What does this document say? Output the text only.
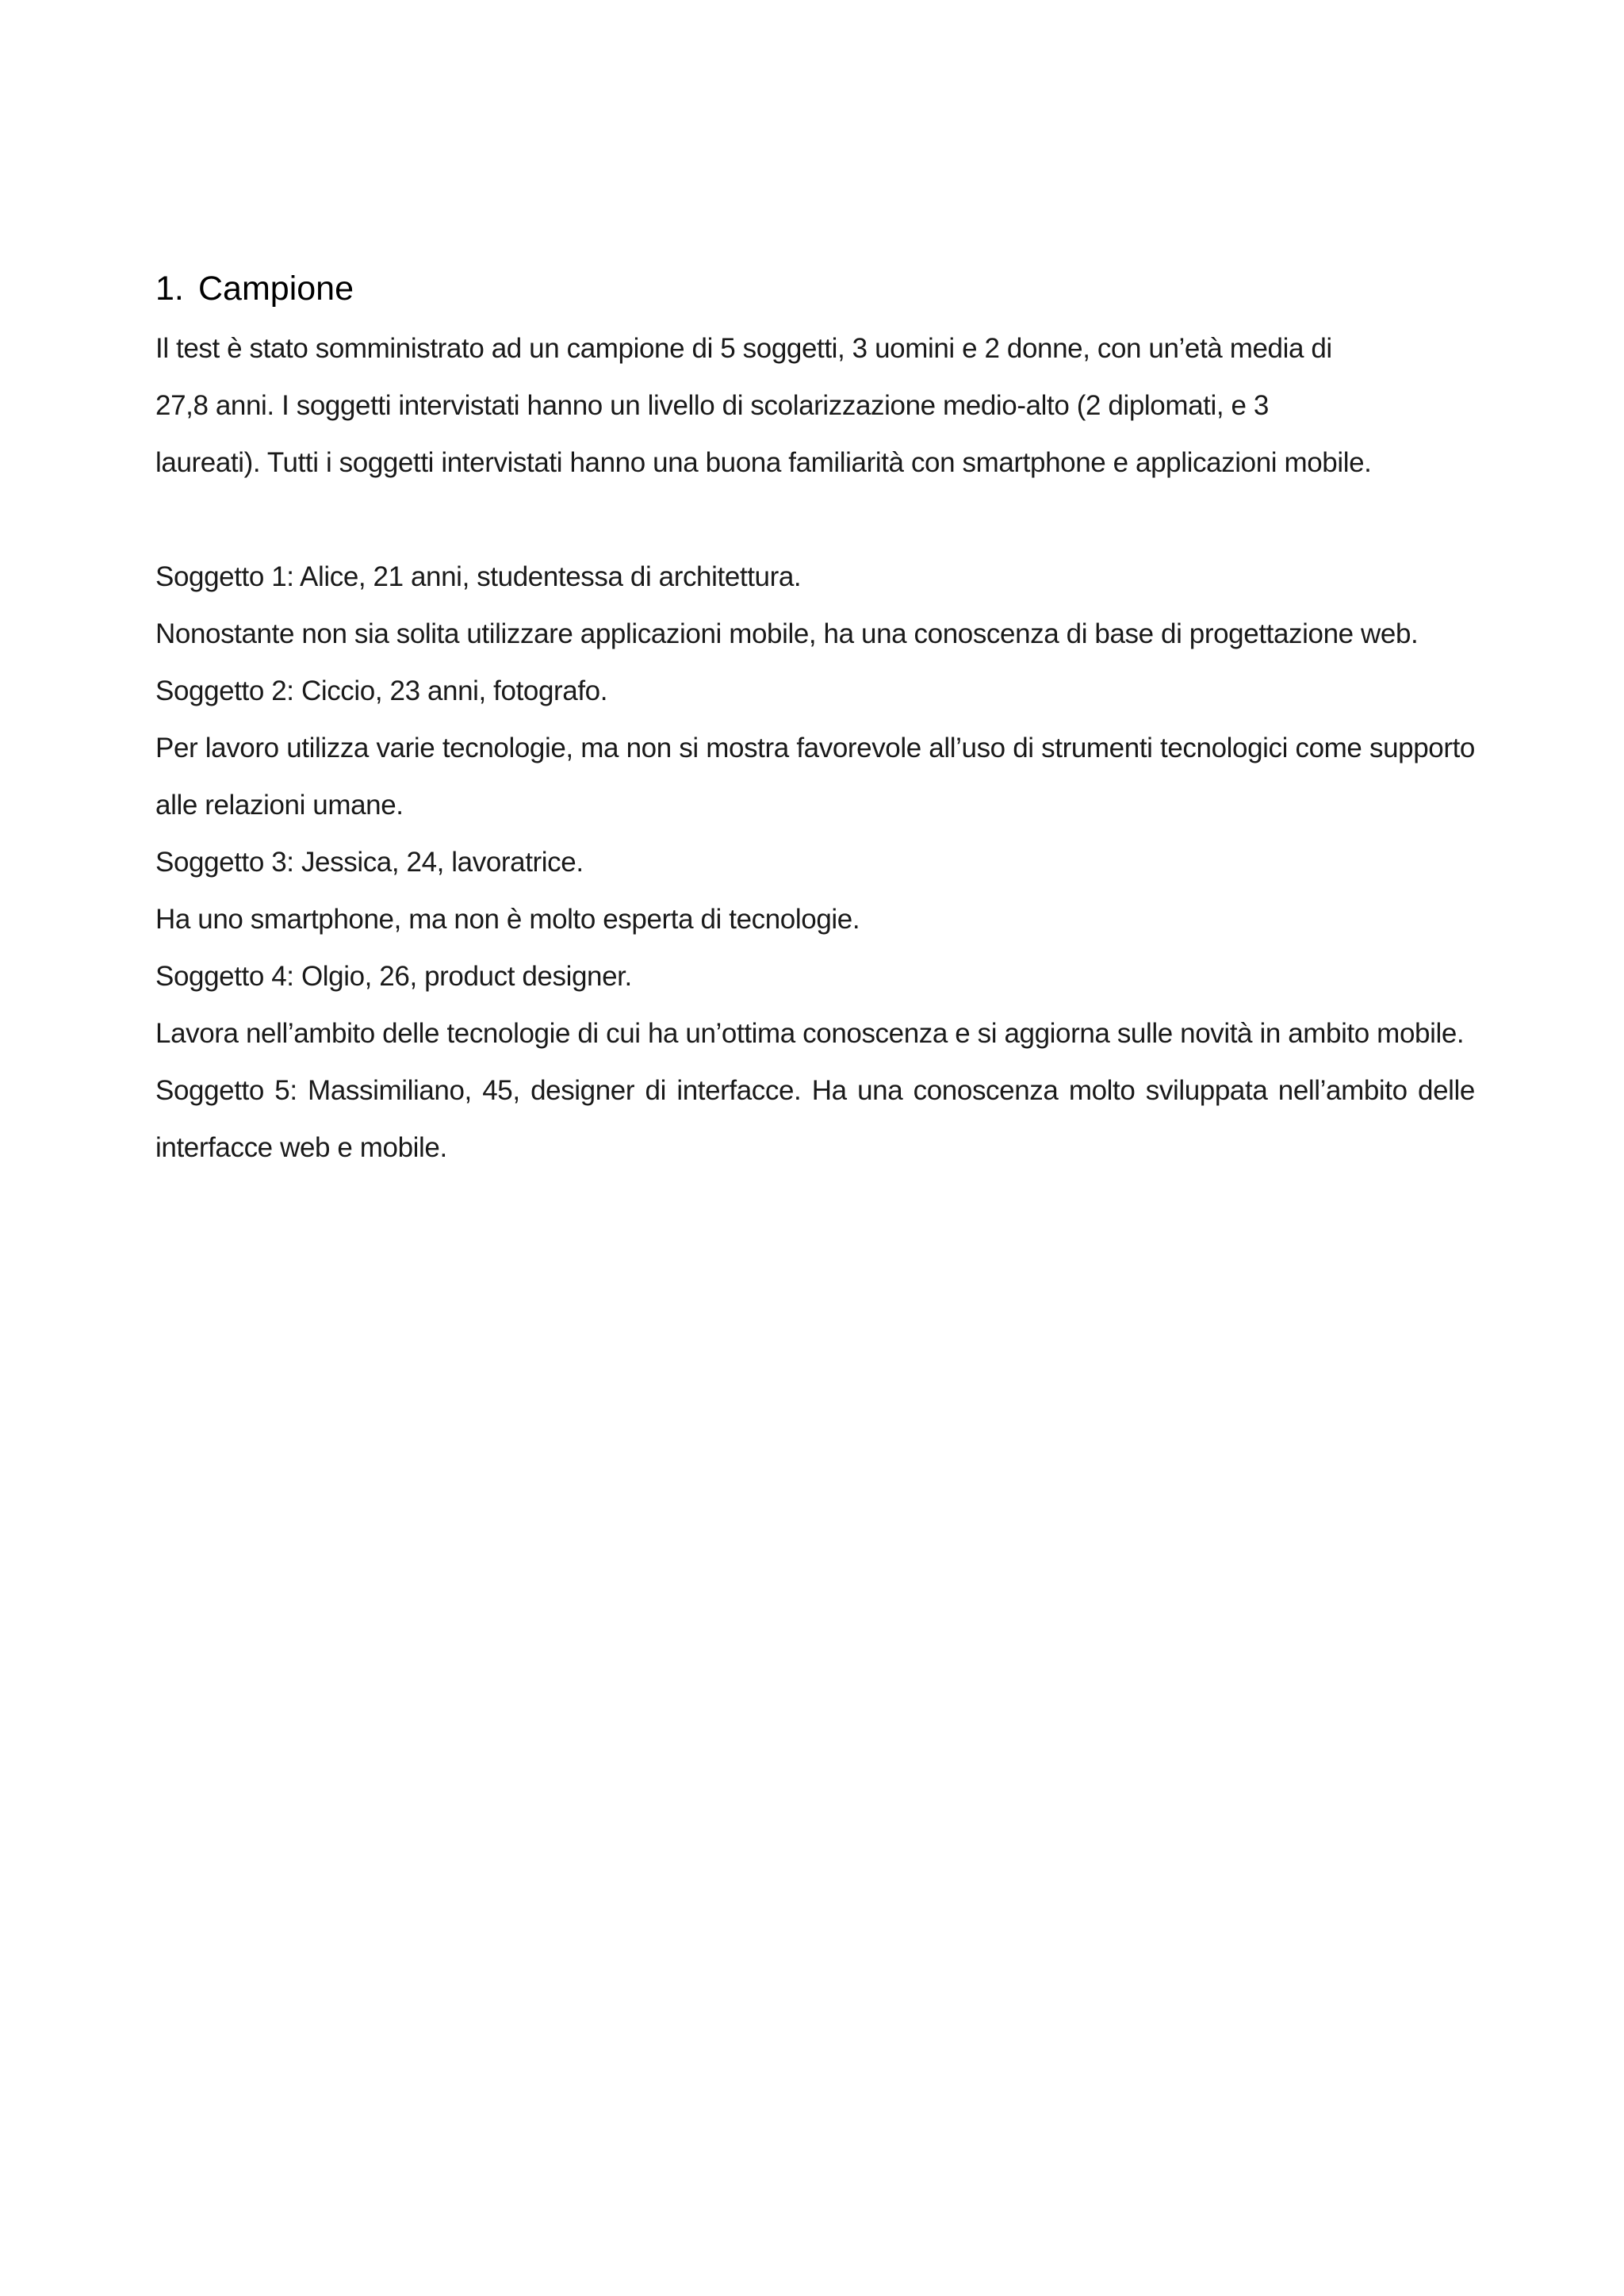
1. Campione

Il test è stato somministrato ad un campione di 5 soggetti, 3 uomini e 2 donne, con un’età media di

27,8 anni. I soggetti intervistati hanno un livello di scolarizzazione medio-alto (2 diplomati, e 3

laureati). Tutti i soggetti intervistati hanno una buona familiarità con smartphone e applicazioni mobile.

Soggetto 1: Alice, 21 anni, studentessa di architettura.

Nonostante non sia solita utilizzare applicazioni mobile, ha una conoscenza di base di progettazione web.

Soggetto 2: Ciccio, 23 anni, fotografo.

Per lavoro utilizza varie tecnologie, ma non si mostra favorevole all’uso di strumenti tecnologici come supporto alle relazioni umane.

Soggetto 3: Jessica, 24, lavoratrice.

Ha uno smartphone, ma non è molto esperta di tecnologie.

Soggetto 4: Olgio, 26, product designer.

Lavora nell’ambito delle tecnologie di cui ha un’ottima conoscenza e si aggiorna sulle novità in ambito mobile.

Soggetto 5: Massimiliano, 45, designer di interfacce. Ha una conoscenza molto sviluppata nell’ambito delle interfacce web e mobile.
